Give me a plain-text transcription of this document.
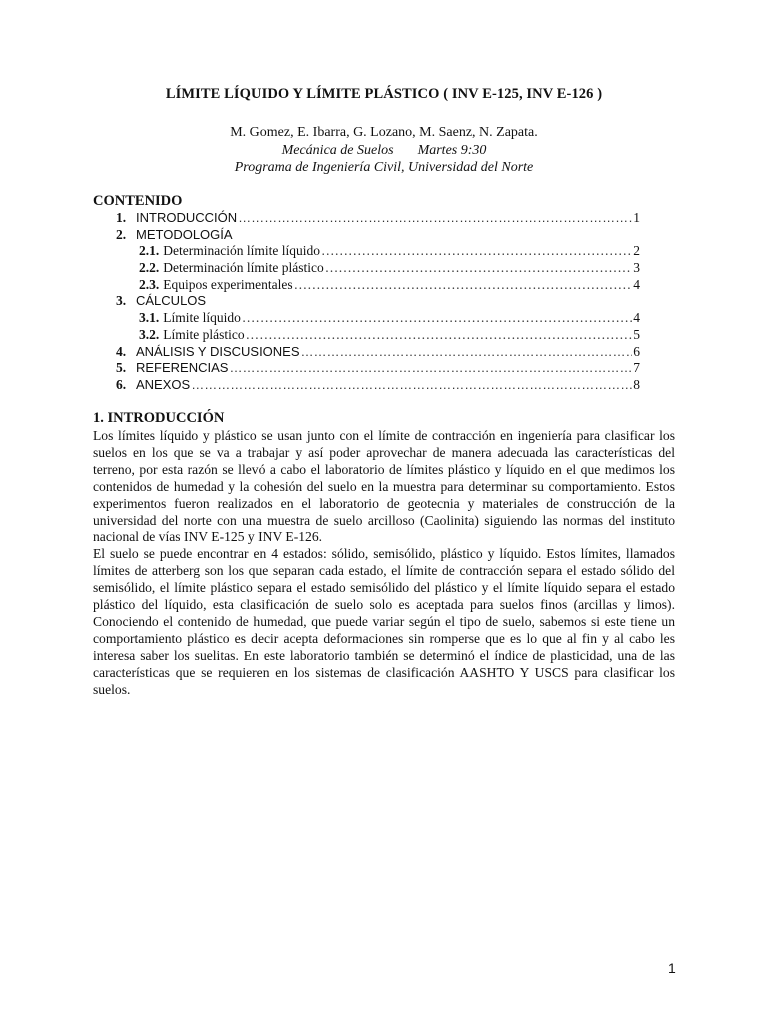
LÍMITE LÍQUIDO Y LÍMITE PLÁSTICO ( INV E-125, INV E-126 )
M. Gomez, E. Ibarra, G. Lozano, M. Saenz, N. Zapata.
Mecánica de Suelos Martes 9:30
Programa de Ingeniería Civil, Universidad del Norte
CONTENIDO
1. INTRODUCCIÓN ……………………………………………………………………………………………………………………………………………………………………………………	1
2. METODOLOGÍA
2.1. Determinación límite líquido ……………………………………………………………………………………………………………………………………………………………………………………	2
2.2. Determinación límite plástico ……………………………………………………………………………………………………………………………………………………………………………………	3
2.3. Equipos experimentales ……………………………………………………………………………………………………………………………………………………………………………………	4
3. CÁLCULOS
3.1. Límite líquido ……………………………………………………………………………………………………………………………………………………………………………………	4
3.2. Límite plástico ……………………………………………………………………………………………………………………………………………………………………………………	5
4. ANÁLISIS Y DISCUSIONES ……………………………………………………………………………………………………………………………………………………………………………………	6
5. REFERENCIAS ……………………………………………………………………………………………………………………………………………………………………………………	7
6. ANEXOS ……………………………………………………………………………………………………………………………………………………………………………………	8
1. INTRODUCCIÓN

Los límites líquido y plástico se usan junto con el límite de contracción en ingeniería para clasificar los suelos en los que se va a trabajar y así poder aprovechar de manera adecuada las características del terreno, por esta razón se llevó a cabo el laboratorio de límites plástico y líquido en el que medimos los contenidos de humedad y la cohesión del suelo en la muestra para determinar su comportamiento. Estos experimentos fueron realizados en el laboratorio de geotecnia y materiales de construcción de la universidad del norte con una muestra de suelo arcilloso (Caolinita) siguiendo las normas del instituto nacional de vías INV E-125 y INV E-126.

El suelo se puede encontrar en 4 estados: sólido, semisólido, plástico y líquido. Estos límites, llamados límites de atterberg son los que separan cada estado, el límite de contracción separa el estado sólido del semisólido, el límite plástico separa el estado semisólido del plástico y el límite líquido separa el estado plástico del líquido, esta clasificación de suelo solo es aceptada para suelos finos (arcillas y limos). Conociendo el contenido de humedad, que puede variar según el tipo de suelo, sabemos si este tiene un comportamiento plástico es decir acepta deformaciones sin romperse que es lo que al fin y al cabo les interesa saber los suelitas. En este laboratorio también se determinó el índice de plasticidad, una de las características que se requieren en los sistemas de clasificación AASHTO Y USCS para clasificar los suelos.

1
